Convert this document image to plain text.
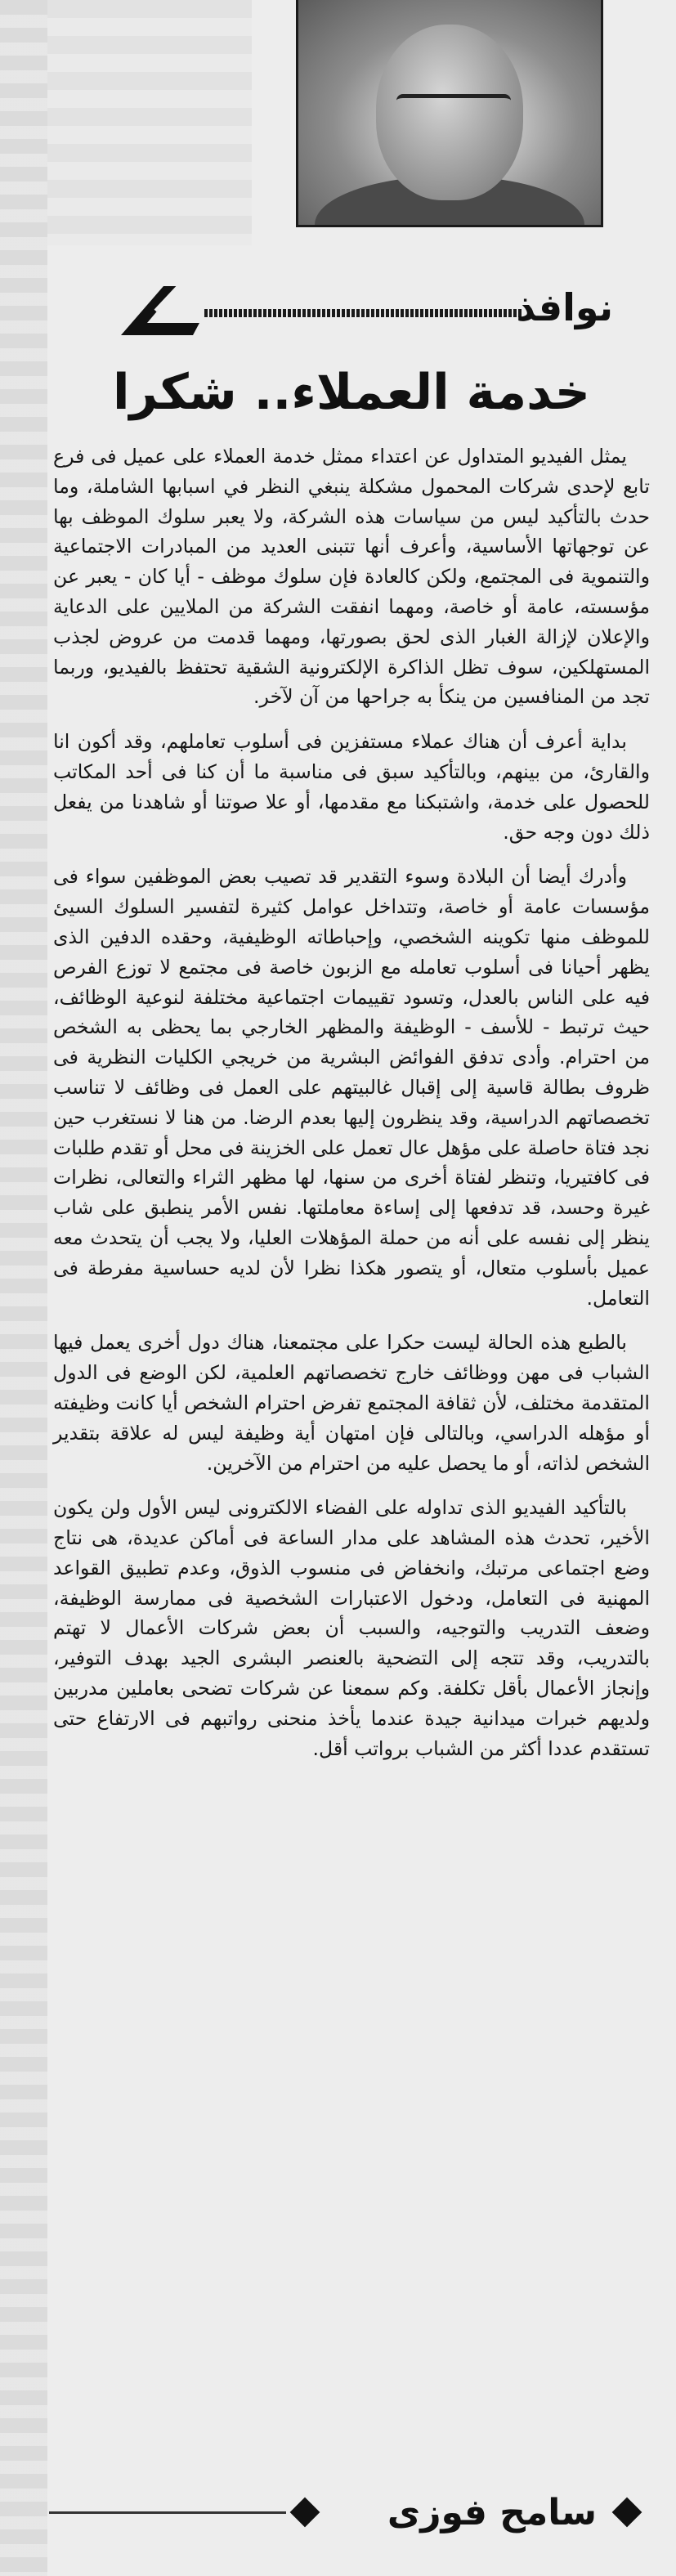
نوافذ
خدمة العملاء.. شكرا

يمثل الفيديو المتداول عن اعتداء ممثل خدمة العملاء على عميل فى فرع تابع لإحدى شركات المحمول مشكلة ينبغي النظر في اسبابها الشاملة، وما حدث بالتأكيد ليس من سياسات هذه الشركة، ولا يعبر سلوك الموظف بها عن توجهاتها الأساسية، وأعرف أنها تتبنى العديد من المبادرات الاجتماعية والتنموية فى المجتمع، ولكن كالعادة فإن سلوك موظف - أيا كان - يعبر عن مؤسسته، عامة أو خاصة، ومهما انفقت الشركة من الملايين على الدعاية والإعلان لإزالة الغبار الذى لحق بصورتها، ومهما قدمت من عروض لجذب المستهلكين، سوف تظل الذاكرة الإلكترونية الشقية تحتفظ بالفيديو، وربما تجد من المنافسين من ينكأ به جراحها من آن لآخر.

بداية أعرف أن هناك عملاء مستفزين فى أسلوب تعاملهم، وقد أكون انا والقارئ، من بينهم، وبالتأكيد سبق فى مناسبة ما أن كنا فى أحد المكاتب للحصول على خدمة، واشتبكنا مع مقدمها، أو علا صوتنا أو شاهدنا من يفعل ذلك دون وجه حق.

وأدرك أيضا أن البلادة وسوء التقدير قد تصيب بعض الموظفين سواء فى مؤسسات عامة أو خاصة، وتتداخل عوامل كثيرة لتفسير السلوك السيئ للموظف منها تكوينه الشخصي، وإحباطاته الوظيفية، وحقده الدفين الذى يظهر أحيانا فى أسلوب تعامله مع الزبون خاصة فى مجتمع لا توزع الفرص فيه على الناس بالعدل، وتسود تقييمات اجتماعية مختلفة لنوعية الوظائف، حيث ترتبط - للأسف - الوظيفة والمظهر الخارجي بما يحظى به الشخص من احترام. وأدى تدفق الفوائض البشرية من خريجي الكليات النظرية فى ظروف بطالة قاسية إلى إقبال غالبيتهم على العمل فى وظائف لا تناسب تخصصاتهم الدراسية، وقد ينظرون إليها بعدم الرضا. من هنا لا نستغرب حين نجد فتاة حاصلة على مؤهل عال تعمل على الخزينة فى محل أو تقدم طلبات فى كافتيريا، وتنظر لفتاة أخرى من سنها، لها مظهر الثراء والتعالى، نظرات غيرة وحسد، قد تدفعها إلى إساءة معاملتها. نفس الأمر ينطبق على شاب ينظر إلى نفسه على أنه من حملة المؤهلات العليا، ولا يجب أن يتحدث معه عميل بأسلوب متعال، أو يتصور هكذا نظرا لأن لديه حساسية مفرطة فى التعامل.

بالطبع هذه الحالة ليست حكرا على مجتمعنا، هناك دول أخرى يعمل فيها الشباب فى مهن ووظائف خارج تخصصاتهم العلمية، لكن الوضع فى الدول المتقدمة مختلف، لأن ثقافة المجتمع تفرض احترام الشخص أيا كانت وظيفته أو مؤهله الدراسي، وبالتالى فإن امتهان أية وظيفة ليس له علاقة بتقدير الشخص لذاته، أو ما يحصل عليه من احترام من الآخرين.

بالتأكيد الفيديو الذى تداوله على الفضاء الالكترونى ليس الأول ولن يكون الأخير، تحدث هذه المشاهد على مدار الساعة فى أماكن عديدة، هى نتاج وضع اجتماعى مرتبك، وانخفاض فى منسوب الذوق، وعدم تطبيق القواعد المهنية فى التعامل، ودخول الاعتبارات الشخصية فى ممارسة الوظيفة، وضعف التدريب والتوجيه، والسبب أن بعض شركات الأعمال لا تهتم بالتدريب، وقد تتجه إلى التضحية بالعنصر البشرى الجيد بهدف التوفير، وإنجاز الأعمال بأقل تكلفة. وكم سمعنا عن شركات تضحى بعاملين مدربين ولديهم خبرات ميدانية جيدة عندما يأخذ منحنى رواتبهم فى الارتفاع حتى تستقدم عددا أكثر من الشباب برواتب أقل.

سامح فوزى
